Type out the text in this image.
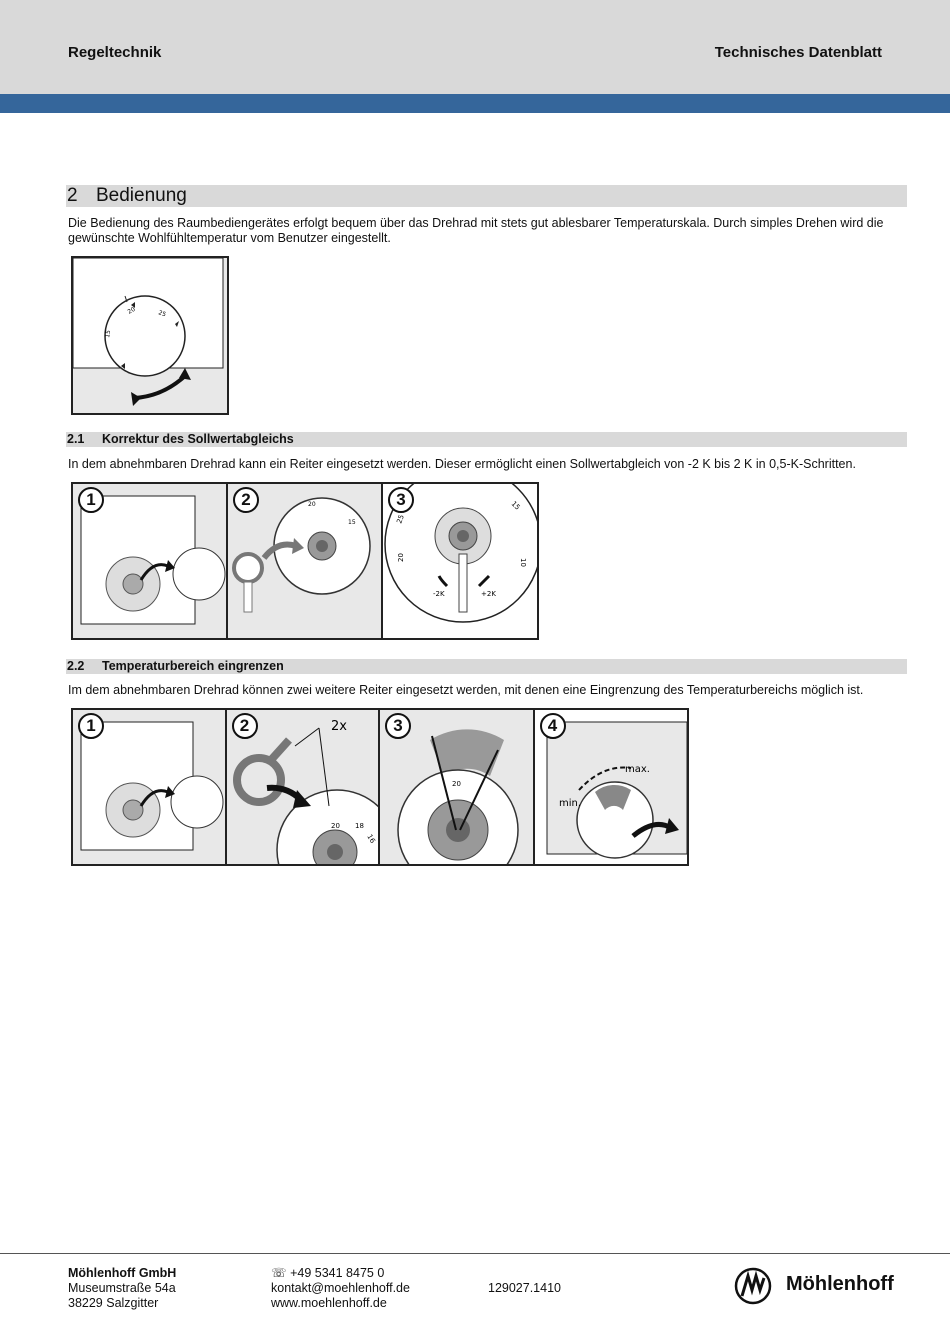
Regeltechnik	Technisches Datenblatt
2 Bedienung
Die Bedienung des Raumbediengerätes erfolgt bequem über das Drehrad mit stets gut ablesbarer Temperaturskala. Durch simples Drehen wird die gewünschte Wohlfühltemperatur vom Benutzer eingestellt.
20
15
25
2.1 Korrektur des Sollwertabgleichs
In dem abnehmbaren Drehrad kann ein Reiter eingesetzt werden. Dieser ermöglicht einen Sollwertabgleich von -2 K bis 2 K in 0,5-K-Schritten.
1	2	20
15
3
25
20
15
10
-2K	+2K
2.2 Temperaturbereich eingrenzen
Im dem abnehmbaren Drehrad können zwei weitere Reiter eingesetzt werden, mit denen eine Eingrenzung des Temperaturbereichs möglich ist.
1	2	2x
20 18
16
3
20
4
max.
min.
Möhlenhoff GmbH
Museumstraße 54a
38229 Salzgitter
☏ +49 5341 8475 0
kontakt@moehlenhoff.de
www.moehlenhoff.de
129027.1410	Möhlenhoff
